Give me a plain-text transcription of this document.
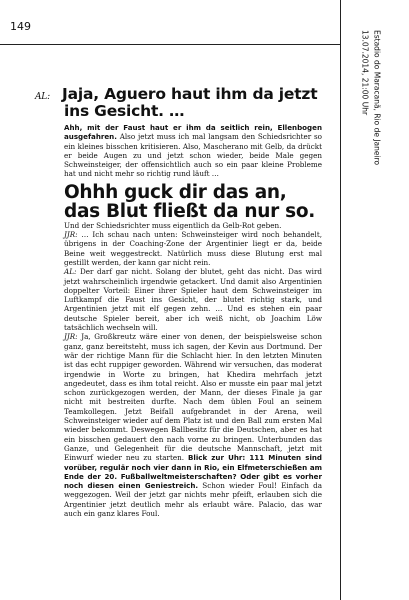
149
13.07.2014, 21:00 Uhr Estadio do Maracanã, Rio de Janeiro
AL: Jaja, Aguero haut ihm da jetzt ins Gesicht. …

Ahh, mit der Faust haut er ihm da seitlich rein, Ellenbogen ausgefahren. Also jetzt muss ich mal langsam den Schiedsrichter so ein kleines bisschen kritisieren. Also, Mascherano mit Gelb, da drückt er beide Augen zu und jetzt schon wieder, beide Male gegen Schweinsteiger, der offensichtlich auch so ein paar kleine Probleme hat und nicht mehr so richtig rund läuft …

Ohhh guck dir das an, das Blut fließt da nur so.

Und der Schiedsrichter muss eigentlich da Gelb-Rot geben.

JJR: … Ich schau nach unten: Schweinsteiger wird noch behandelt, übrigens in der Coaching-Zone der Argentinier liegt er da, beide Beine weit weggestreckt. Natürlich muss diese Blutung erst mal gestillt werden, der kann gar nicht rein.

AL: Der darf gar nicht. Solang der blutet, geht das nicht. Das wird jetzt wahrscheinlich irgendwie getackert. Und damit also Argentinien doppelter Vorteil: Einer ihrer Spieler haut dem Schweinsteiger im Luftkampf die Faust ins Gesicht, der blutet richtig stark, und Argentinien jetzt mit elf gegen zehn. … Und es stehen ein paar deutsche Spieler bereit, aber ich weiß nicht, ob Joachim Löw tatsächlich wechseln will.

JJR: Ja, Großkreutz wäre einer von denen, der beispielsweise schon ganz, ganz bereitsteht, muss ich sagen, der Kevin aus Dortmund. Der wär der richtige Mann für die Schlacht hier. In den letzten Minuten ist das echt ruppiger geworden. Während wir versuchen, das moderat irgendwie in Worte zu bringen, hat Khedira mehrfach jetzt angedeutet, dass es ihm total reicht. Also er musste ein paar mal jetzt schon zurückgezogen werden, der Mann, der dieses Finale ja gar nicht mit bestreiten durfte. Nach dem üblen Foul an seinem Teamkollegen. Jetzt Beifall aufgebrandet in der Arena, weil Schweinsteiger wieder auf dem Platz ist und den Ball zum ersten Mal wieder bekommt. Deswegen Ballbesitz für die Deutschen, aber es hat ein bisschen gedauert den nach vorne zu bringen. Unterbunden das Ganze, und Gelegenheit für die deutsche Mannschaft, jetzt mit Einwurf wieder neu zu starten. Blick zur Uhr: 111 Minuten sind vorüber, regulär noch vier dann in Rio, ein Elfmeterschießen am Ende der 20. Fußballweltmeisterschaften? Oder gibt es vorher noch diesen einen Geniestreich. Schon wieder Foul! Einfach da weggezogen. Weil der jetzt gar nichts mehr pfeift, erlauben sich die Argentinier jetzt deutlich mehr als erlaubt wäre. Palacio, das war auch ein ganz klares Foul.
